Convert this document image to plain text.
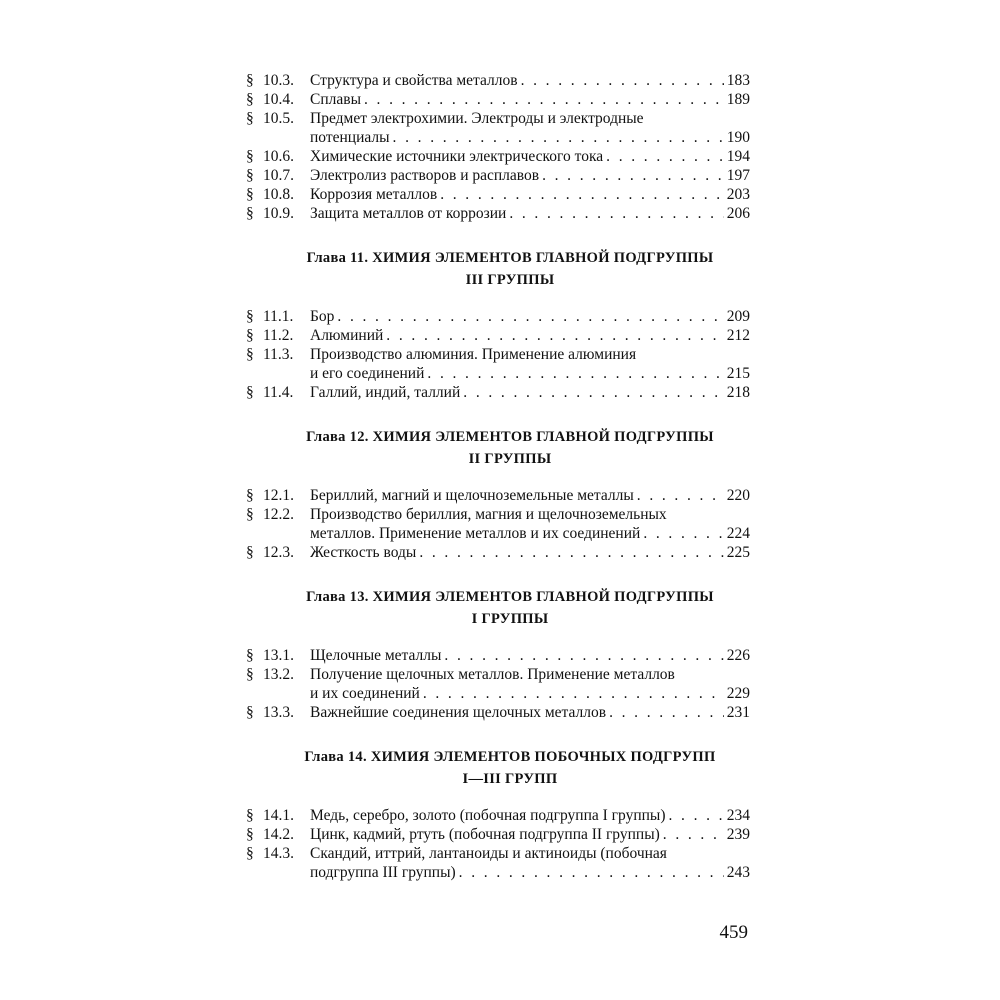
§ 10.3.	Структура и свойства металлов . . .	183
§ 10.4.	Сплавы . . .	189
§ 10.5.	Предмет электрохимии. Электроды и электродные
потенциалы . . .	190
§ 10.6.	Химические источники электрического тока . . .	194
§ 10.7.	Электролиз растворов и расплавов . . .	197
§ 10.8.	Коррозия металлов . . .	203
§ 10.9.	Защита металлов от коррозии . . .	206
Глава 11. ХИМИЯ ЭЛЕМЕНТОВ ГЛАВНОЙ ПОДГРУППЫ
III ГРУППЫ
§ 11.1.	Бор . . .	209
§ 11.2.	Алюминий . . .	212
§ 11.3.	Производство алюминия. Применение алюминия
и его соединений . . .	215
§ 11.4.	Галлий, индий, таллий . . .	218
Глава 12. ХИМИЯ ЭЛЕМЕНТОВ ГЛАВНОЙ ПОДГРУППЫ
II ГРУППЫ
§ 12.1.	Бериллий, магний и щелочноземельные металлы . . .	220
§ 12.2.	Производство бериллия, магния и щелочноземельных
металлов. Применение металлов и их соединений . . .	224
§ 12.3.	Жесткость воды . . .	225
Глава 13. ХИМИЯ ЭЛЕМЕНТОВ ГЛАВНОЙ ПОДГРУППЫ
I ГРУППЫ
§ 13.1.	Щелочные металлы . . .	226
§ 13.2.	Получение щелочных металлов. Применение металлов
и их соединений . . .	229
§ 13.3.	Важнейшие соединения щелочных металлов . . .	231
Глава 14. ХИМИЯ ЭЛЕМЕНТОВ ПОБОЧНЫХ ПОДГРУПП
I—III ГРУПП
§ 14.1.	Медь, серебро, золото (побочная подгруппа I группы) . . .	234
§ 14.2.	Цинк, кадмий, ртуть (побочная подгруппа II группы) . . .	239
§ 14.3.	Скандий, иттрий, лантаноиды и актиноиды (побочная
подгруппа III группы) . . .	243
459
